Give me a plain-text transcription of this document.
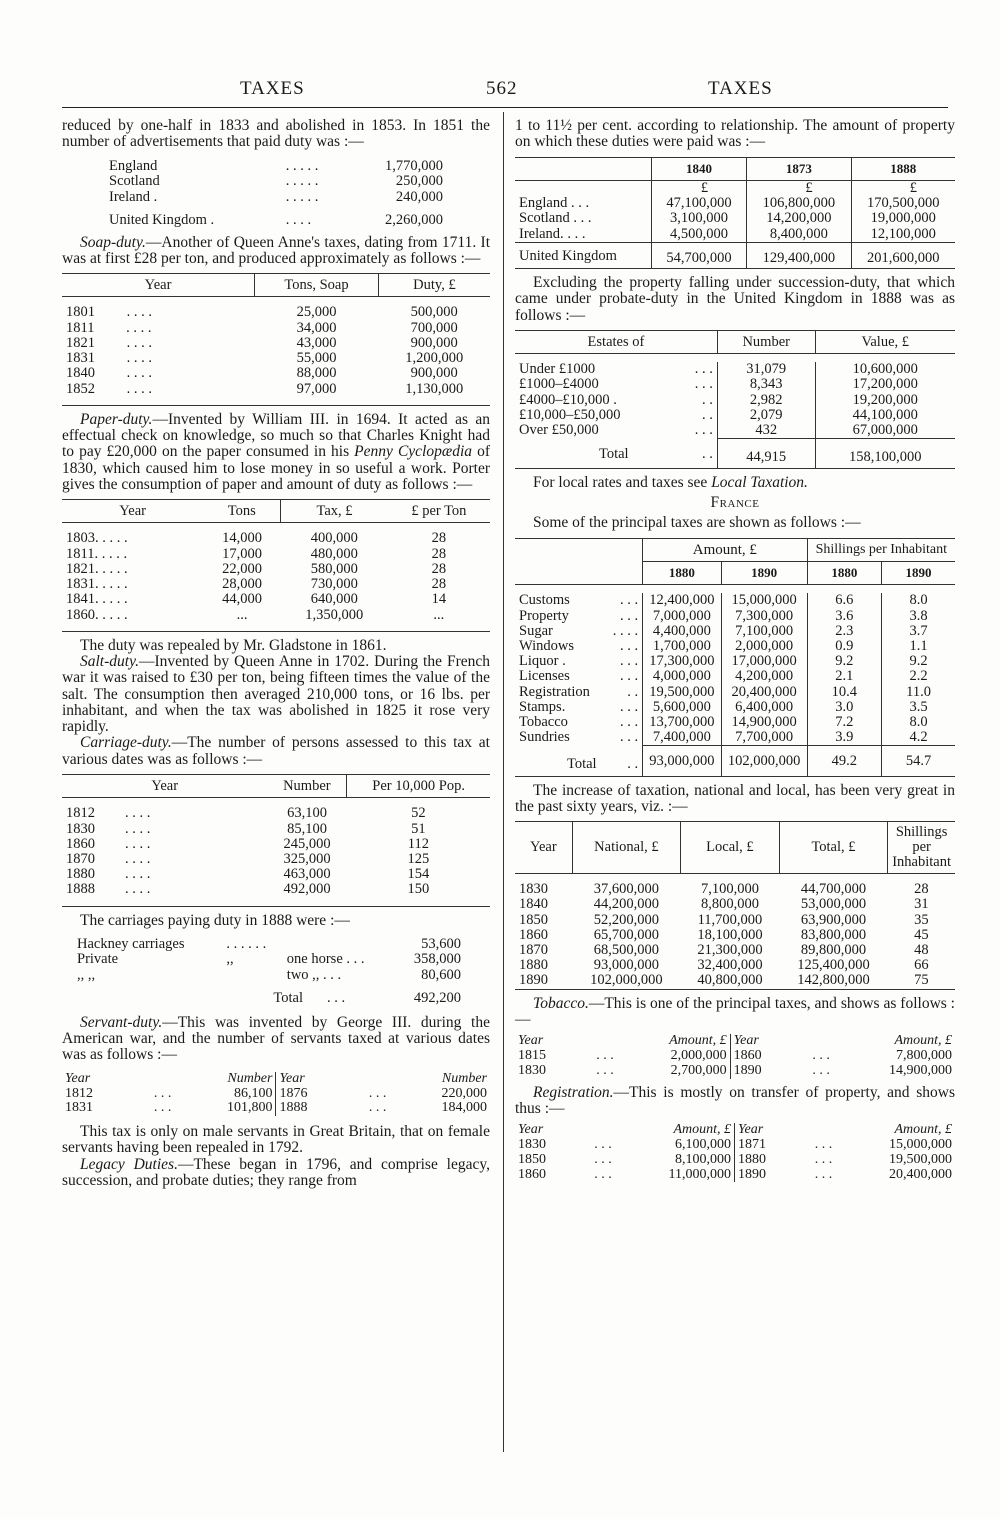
TAXES	562	TAXES

reduced by one-half in 1833 and abolished in 1853. In 1851 the number of advertisements that paid duty was :—

England	. . . . .	1,770,000
Scotland	. . . . .	250,000
Ireland .	. . . . .	240,000

United Kingdom .	. . . .	2,260,000

Soap-duty.—Another of Queen Anne's taxes, dating from 1711. It was at first £28 per ton, and produced approximately as follows :—

Year	Tons, Soap	Duty, £

1801 . . . .	25,000	500,000
1811 . . . .	34,000	700,000
1821 . . . .	43,000	900,000
1831 . . . .	55,000	1,200,000
1840 . . . .	88,000	900,000
1852 . . . .	97,000	1,130,000

Paper-duty.—Invented by William III. in 1694. It acted as an effectual check on knowledge, so much so that Charles Knight had to pay £20,000 on the paper consumed in his Penny Cyclopædia of 1830, which caused him to lose money in so useful a work. Porter gives the consumption of paper and amount of duty as follows :—

Year	Tons	Tax, £	£ per Ton

1803. . . . .	14,000	400,000	28
1811. . . . .	17,000	480,000	28
1821. . . . .	22,000	580,000	28
1831. . . . .	28,000	730,000	28
1841. . . . .	44,000	640,000	14
1860. . . . .	...	1,350,000	...

The duty was repealed by Mr. Gladstone in 1861.

Salt-duty.—Invented by Queen Anne in 1702. During the French war it was raised to £30 per ton, being fifteen times the value of the salt. The consumption then averaged 210,000 tons, or 16 lbs. per inhabitant, and when the tax was abolished in 1825 it rose very rapidly.

Carriage-duty.—The number of persons assessed to this tax at various dates was as follows :—

Year	Number	Per 10,000 Pop.

1812 . . . .	63,100	52
1830 . . . .	85,100	51
1860 . . . .	245,000	112
1870 . . . .	325,000	125
1880 . . . .	463,000	154
1888 . . . .	492,000	150

The carriages paying duty in 1888 were :—

Hackney carriages	. . . . . .		53,600
Private	,,	one horse . . .	358,000
,, ,,		two ,, . . .	80,600

	Total . . .		492,200

Servant-duty.—This was invented by George III. during the American war, and the number of servants taxed at various dates was as follows :—

Year		Number	Year		Number
1812	. . .	86,100	1876	. . .	220,000
1831	. . .	101,800	1888	. . .	184,000

This tax is only on male servants in Great Britain, that on female servants having been repealed in 1792.

Legacy Duties.—These began in 1796, and comprise legacy, succession, and probate duties; they range from

1 to 11½ per cent. according to relationship. The amount of property on which these duties were paid was :—

	1840	1873	1888
	£	£	£
England . . .	47,100,000	106,800,000	170,500,000
Scotland . . .	3,100,000	14,200,000	19,000,000
Ireland. . . .	4,500,000	8,400,000	12,100,000
United Kingdom	54,700,000	129,400,000	201,600,000

Excluding the property falling under succession-duty, that which came under probate-duty in the United Kingdom in 1888 was as follows :—

Estates of	Number	Value, £

Under £1000 . . .	31,079	10,600,000
£1000–£4000 . . .	8,343	17,200,000
£4000–£10,000 . . .	2,982	19,200,000
£10,000–£50,000 . .	2,079	44,100,000
Over £50,000 . . .	432	67,000,000
Total . .	44,915	158,100,000

For local rates and taxes see Local Taxation.

France

Some of the principal taxes are shown as follows :—

	Amount, £		Shillings per Inhabitant	
	1880	1890	1880	1890

Customs . . .	12,400,000	15,000,000	6.6	8.0
Property . . .	7,000,000	7,300,000	3.6	3.8
Sugar . . . .	4,400,000	7,100,000	2.3	3.7
Windows . . .	1,700,000	2,000,000	0.9	1.1
Liquor . . . .	17,300,000	17,000,000	9.2	9.2
Licenses . . .	4,000,000	4,200,000	2.1	2.2
Registration . .	19,500,000	20,400,000	10.4	11.0
Stamps. . . .	5,600,000	6,400,000	3.0	3.5
Tobacco . . .	13,700,000	14,900,000	7.2	8.0
Sundries . . .	7,400,000	7,700,000	3.9	4.2
Total . .	93,000,000	102,000,000	49.2	54.7

The increase of taxation, national and local, has been very great in the past sixty years, viz. :—

Year	National, £	Local, £	Total, £	Shillings per Inhabitant

1830	37,600,000	7,100,000	44,700,000	28
1840	44,200,000	8,800,000	53,000,000	31
1850	52,200,000	11,700,000	63,900,000	35
1860	65,700,000	18,100,000	83,800,000	45
1870	68,500,000	21,300,000	89,800,000	48
1880	93,000,000	32,400,000	125,400,000	66
1890	102,000,000	40,800,000	142,800,000	75

Tobacco.—This is one of the principal taxes, and shows as follows :—

Year		Amount, £	Year		Amount, £
1815	. . .	2,000,000	1860	. . .	7,800,000
1830	. . .	2,700,000	1890	. . .	14,900,000

Registration.—This is mostly on transfer of property, and shows thus :—

Year		Amount, £	Year		Amount, £
1830	. . .	6,100,000	1871	. . .	15,000,000
1850	. . .	8,100,000	1880	. . .	19,500,000
1860	. . .	11,000,000	1890	. . .	20,400,000
